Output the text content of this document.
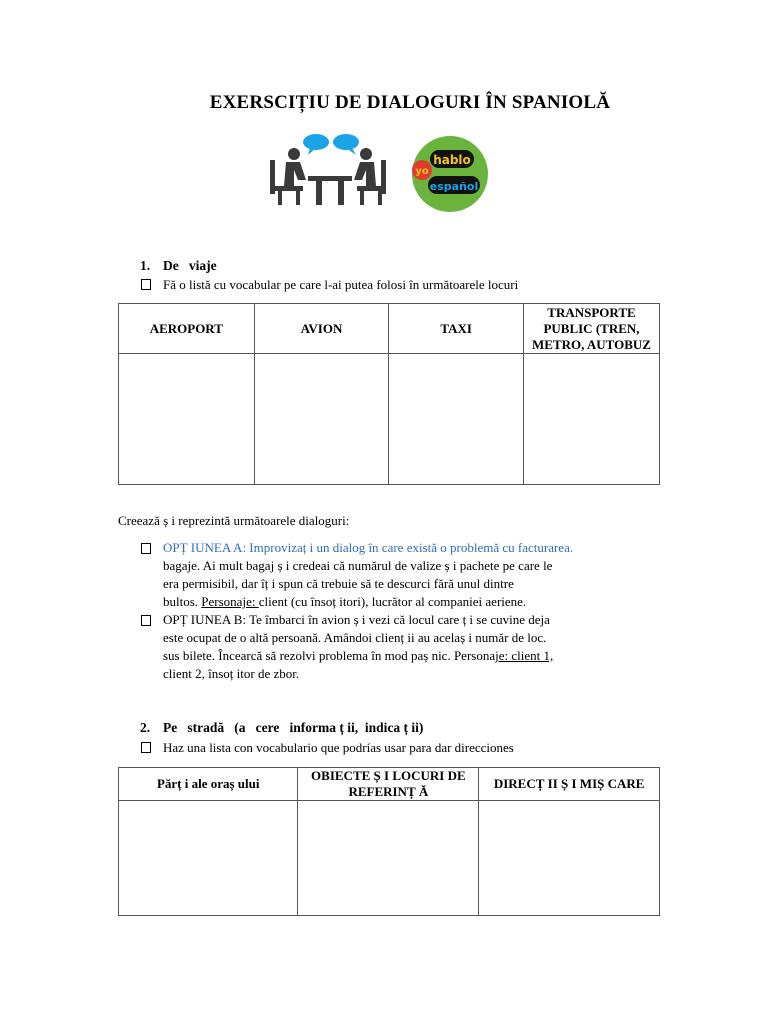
EXERSCIȚIU DE DIALOGURI ÎN SPANIOLĂ
hablo
yo
español
1. De   viaje
Fă o listă cu vocabular pe care l-ai putea folosi în următoarele locuri
AEROPORT	AVION	TAXI	TRANSPORTE PUBLIC (TREN, METRO, AUTOBUZ

Creează ș i reprezintă următoarele dialoguri:
OPȚ IUNEA A: Improvizaț i un dialog în care există o problemă cu facturarea.
bagaje. Ai mult bagaj ș i credeai că numărul de valize ș i pachete pe care le
era permisibil, dar îț i spun că trebuie să te descurci fără unul dintre
bultos. Personaje: client (cu însoț itori), lucrător al companiei aeriene.
OPȚ IUNEA B: Te îmbarci în avion ș i vezi că locul care ț i se cuvine deja
este ocupat de o altă persoană. Amândoi clienț ii au acelaș i număr de loc.
sus bilete. Încearcă să rezolvi problema în mod paș nic. Personaje: client 1,
client 2, însoț itor de zbor.
2. Pe   stradă   (a   cere   informa ț ii,  indica ț ii)
Haz una lista con vocabulario que podrías usar para dar direcciones
Părț i ale oraș ului	OBIECTE Ș I LOCURI DE REFERINȚ Ă	DIRECȚ II Ș I MIȘ CARE
